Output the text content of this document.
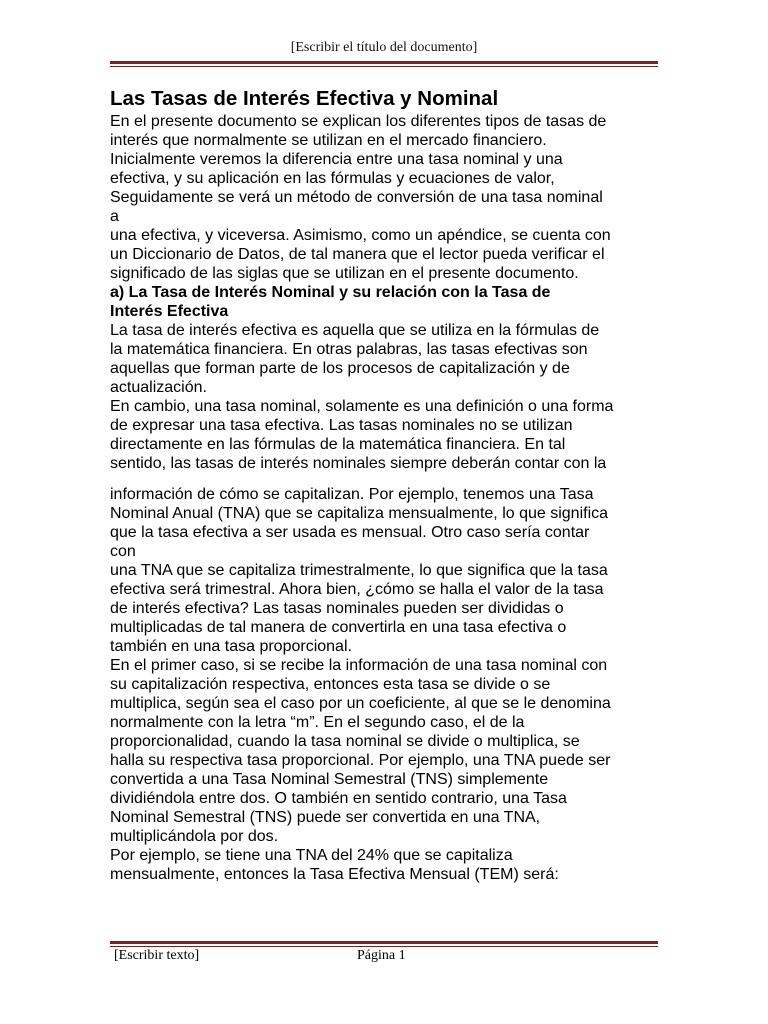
[Escribir el título del documento]
Las Tasas de Interés Efectiva y Nominal
En el presente documento se explican los diferentes tipos de tasas de
interés que normalmente se utilizan en el mercado financiero.
Inicialmente veremos la diferencia entre una tasa nominal y una
efectiva, y su aplicación en las fórmulas y ecuaciones de valor,
Seguidamente se verá un método de conversión de una tasa nominal
a
una efectiva, y viceversa. Asimismo, como un apéndice, se cuenta con
un Diccionario de Datos, de tal manera que el lector pueda verificar el
significado de las siglas que se utilizan en el presente documento.
a) La Tasa de Interés Nominal y su relación con la Tasa de
Interés Efectiva
La tasa de interés efectiva es aquella que se utiliza en la fórmulas de
la matemática financiera. En otras palabras, las tasas efectivas son
aquellas que forman parte de los procesos de capitalización y de
actualización.
En cambio, una tasa nominal, solamente es una definición o una forma
de expresar una tasa efectiva. Las tasas nominales no se utilizan
directamente en las fórmulas de la matemática financiera. En tal
sentido, las tasas de interés nominales siempre deberán contar con la
información de cómo se capitalizan. Por ejemplo, tenemos una Tasa
Nominal Anual (TNA) que se capitaliza mensualmente, lo que significa
que la tasa efectiva a ser usada es mensual. Otro caso sería contar
con
una TNA que se capitaliza trimestralmente, lo que significa que la tasa
efectiva será trimestral. Ahora bien, ¿cómo se halla el valor de la tasa
de interés efectiva? Las tasas nominales pueden ser divididas o
multiplicadas de tal manera de convertirla en una tasa efectiva o
también en una tasa proporcional.
En el primer caso, si se recibe la información de una tasa nominal con
su capitalización respectiva, entonces esta tasa se divide o se
multiplica, según sea el caso por un coeficiente, al que se le denomina
normalmente con la letra “m”. En el segundo caso, el de la
proporcionalidad, cuando la tasa nominal se divide o multiplica, se
halla su respectiva tasa proporcional. Por ejemplo, una TNA puede ser
convertida a una Tasa Nominal Semestral (TNS) simplemente
dividiéndola entre dos. O también en sentido contrario, una Tasa
Nominal Semestral (TNS) puede ser convertida en una TNA,
multiplicándola por dos.
Por ejemplo, se tiene una TNA del 24% que se capitaliza
mensualmente, entonces la Tasa Efectiva Mensual (TEM) será:
[Escribir texto]	Página 1
